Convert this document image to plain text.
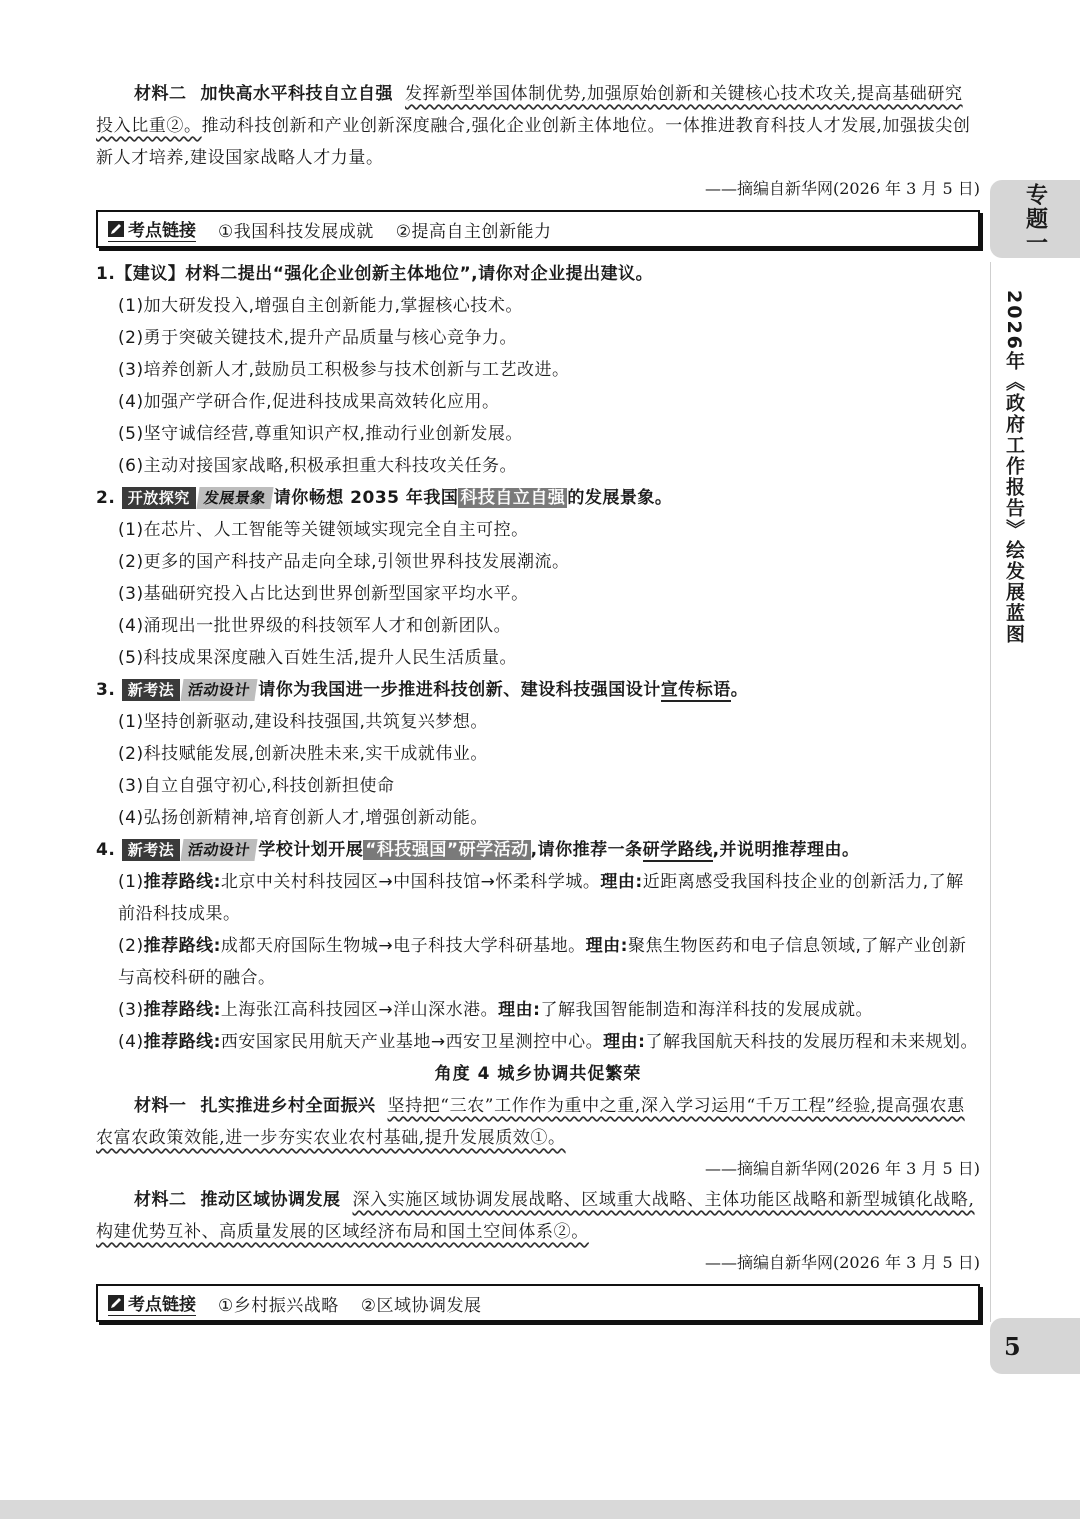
材料二 加快高水平科技自立自强 发挥新型举国体制优势,加强原始创新和关键核心技术攻关,提高基础研究投入比重②。推动科技创新和产业创新深度融合,强化企业创新主体地位。一体推进教育科技人才发展,加强拔尖创新人才培养,建设国家战略人才力量。
——摘编自新华网(2026 年 3 月 5 日)
考点链接 ①我国科技发展成就 ②提高自主创新能力
1.【建议】材料二提出“强化企业创新主体地位”,请你对企业提出建议。
(1)加大研发投入,增强自主创新能力,掌握核心技术。
(2)勇于突破关键技术,提升产品质量与核心竞争力。
(3)培养创新人才,鼓励员工积极参与技术创新与工艺改进。
(4)加强产学研合作,促进科技成果高效转化应用。
(5)坚守诚信经营,尊重知识产权,推动行业创新发展。
(6)主动对接国家战略,积极承担重大科技攻关任务。
2. 开放探究 发展景象 请你畅想 2035 年我国 科技自立自强 的发展景象。
(1)在芯片、人工智能等关键领域实现完全自主可控。
(2)更多的国产科技产品走向全球,引领世界科技发展潮流。
(3)基础研究投入占比达到世界创新型国家平均水平。
(4)涌现出一批世界级的科技领军人才和创新团队。
(5)科技成果深度融入百姓生活,提升人民生活质量。
3. 新考法 活动设计 请你为我国进一步推进科技创新、建设科技强国设计宣传标语。
(1)坚持创新驱动,建设科技强国,共筑复兴梦想。
(2)科技赋能发展,创新决胜未来,实干成就伟业。
(3)自立自强守初心,科技创新担使命
(4)弘扬创新精神,培育创新人才,增强创新动能。
4. 新考法 活动设计 学校计划开展 “科技强国”研学活动 ,请你推荐一条研学路线,并说明推荐理由。
(1)推荐路线:北京中关村科技园区→中国科技馆→怀柔科学城。理由:近距离感受我国科技企业的创新活力,了解前沿科技成果。
(2)推荐路线:成都天府国际生物城→电子科技大学科研基地。理由:聚焦生物医药和电子信息领域,了解产业创新与高校科研的融合。
(3)推荐路线:上海张江高科技园区→洋山深水港。理由:了解我国智能制造和海洋科技的发展成就。
(4)推荐路线:西安国家民用航天产业基地→西安卫星测控中心。理由:了解我国航天科技的发展历程和未来规划。
角度 4 城乡协调共促繁荣
材料一 扎实推进乡村全面振兴 坚持把“三农”工作作为重中之重,深入学习运用“千万工程”经验,提高强农惠农富农政策效能,进一步夯实农业农村基础,提升发展质效①。
——摘编自新华网(2026 年 3 月 5 日)
材料二 推动区域协调发展 深入实施区域协调发展战略、区域重大战略、主体功能区战略和新型城镇化战略,构建优势互补、高质量发展的区域经济布局和国土空间体系②。
——摘编自新华网(2026 年 3 月 5 日)
考点链接 ①乡村振兴战略 ②区域协调发展
专题一
2026年《政府工作报告》绘发展蓝图
5
